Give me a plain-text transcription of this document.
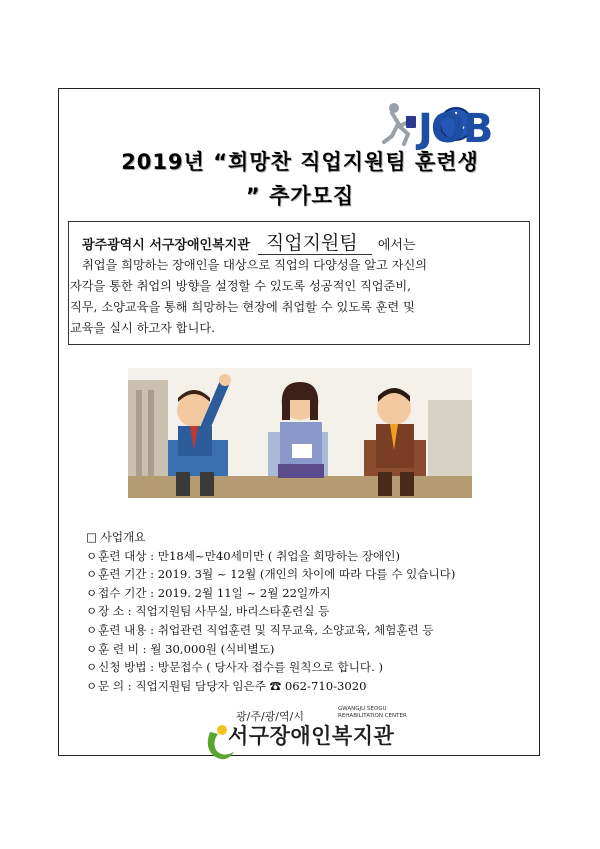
JOB
2019년 “희망찬 직업지원팀 훈련생
” 추가모집
광주광역시 서구장애인복지관 직업지원팀 에서는
취업을 희망하는 장애인을 대상으로 직업의 다양성을 알고 자신의
자각을 통한 취업의 방향을 설정할 수 있도록 성공적인 직업준비,
직무, 소양교육을 통해 희망하는 현장에 취업할 수 있도록 훈련 및
교육을 실시 하고자 합니다.
□ 사업개요
ㅇ 훈련 대상 : 만18세~만40세미만 ( 취업을 희망하는 장애인)
ㅇ 훈련 기간 : 2019. 3월 ~ 12월 (개인의 차이에 따라 다를 수 있습니다)
ㅇ 접수 기간 : 2019. 2월 11일 ~ 2월 22일까지
ㅇ 장 소 : 직업지원팀 사무실, 바리스타훈련실 등
ㅇ 훈련 내용 : 취업관련 직업훈련 및 직무교육, 소양교육, 체험훈련 등
ㅇ 훈 련 비 : 월 30,000원 (식비별도)
ㅇ 신청 방법 : 방문접수 ( 당사자 접수를 원칙으로 합니다. )
ㅇ 문 의 : 직업지원팀 담당자 임은주 ☎ 062-710-3020
광/주/광/역/시
GWANGJU SEOGU
REHABILITATION CENTER
서구장애인복지관
